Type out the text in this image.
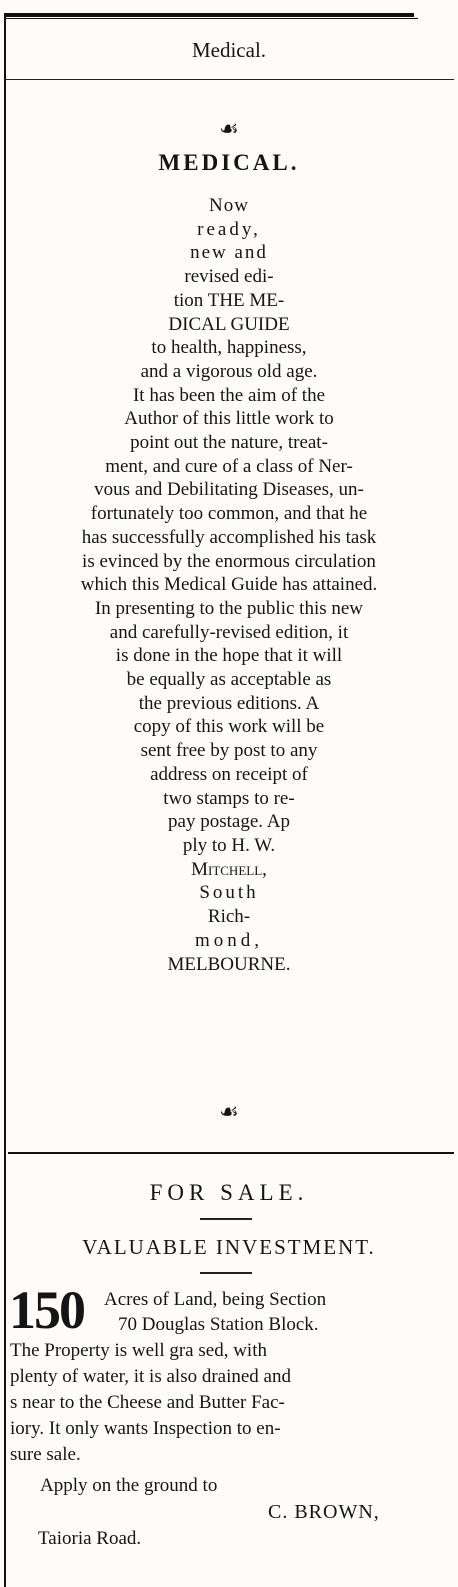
Medical.
☙
MEDICAL.
Now
ready,
new and
revised edi-
tion THE ME-
DICAL GUIDE
to health, happiness,
and a vigorous old age.
It has been the aim of the
Author of this little work to
point out the nature, treat-
ment, and cure of a class of Ner-
vous and Debilitating Diseases, un-
fortunately too common, and that he
has successfully accomplished his task
is evinced by the enormous circulation
which this Medical Guide has attained.
In presenting to the public this new
and carefully-revised edition, it
is done in the hope that it will
be equally as acceptable as
the previous editions. A
copy of this work will be
sent free by post to any
address on receipt of
two stamps to re-
pay postage. Ap
ply to H. W.
Mitchell,
South
Rich-
mond,
MELBOURNE.
☙
FOR SALE.
VALUABLE INVESTMENT.
150 Acres of Land, being Section
70 Douglas Station Block.
The Property is well gra sed, with
plenty of water, it is also drained and
s near to the Cheese and Butter Fac-
iory. It only wants Inspection to en-
sure sale.
Apply on the ground to
C. BROWN,
Taioria Road.
